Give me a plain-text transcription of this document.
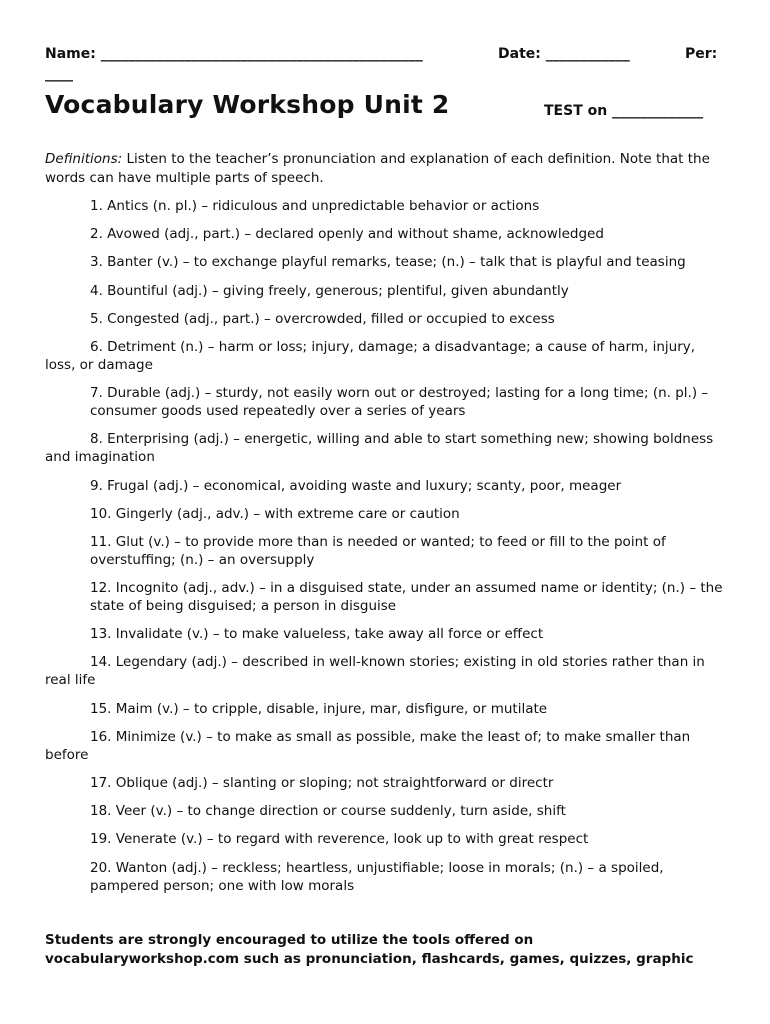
Name: ______________________________________________	Date: ____________	Per:
____
Vocabulary Workshop Unit 2	TEST on _____________

Definitions: Listen to the teacher’s pronunciation and explanation of each definition. Note that the words can have multiple parts of speech.

1. Antics (n. pl.) – ridiculous and unpredictable behavior or actions
2. Avowed (adj., part.) – declared openly and without shame, acknowledged
3. Banter (v.) – to exchange playful remarks, tease; (n.) – talk that is playful and teasing
4. Bountiful (adj.) – giving freely, generous; plentiful, given abundantly
5. Congested (adj., part.) – overcrowded, filled or occupied to excess
6. Detriment (n.) – harm or loss; injury, damage; a disadvantage; a cause of harm, injury, loss, or damage
7. Durable (adj.) – sturdy, not easily worn out or destroyed; lasting for a long time; (n. pl.) – consumer goods used repeatedly over a series of years
8. Enterprising (adj.) – energetic, willing and able to start something new; showing boldness and imagination
9. Frugal (adj.) – economical, avoiding waste and luxury; scanty, poor, meager
10. Gingerly (adj., adv.) – with extreme care or caution
11. Glut (v.) – to provide more than is needed or wanted; to feed or fill to the point of overstuffing; (n.) – an oversupply
12. Incognito (adj., adv.) – in a disguised state, under an assumed name or identity; (n.) – the state of being disguised; a person in disguise
13. Invalidate (v.) – to make valueless, take away all force or effect
14. Legendary (adj.) – described in well-known stories; existing in old stories rather than in real life
15. Maim (v.) – to cripple, disable, injure, mar, disfigure, or mutilate
16. Minimize (v.) – to make as small as possible, make the least of; to make smaller than before
17. Oblique (adj.) – slanting or sloping; not straightforward or directr
18. Veer (v.) – to change direction or course suddenly, turn aside, shift
19. Venerate (v.) – to regard with reverence, look up to with great respect
20. Wanton (adj.) – reckless; heartless, unjustifiable; loose in morals; (n.) – a spoiled, pampered person; one with low morals

Students are strongly encouraged to utilize the tools offered on vocabularyworkshop.com such as pronunciation, flashcards, games, quizzes, graphic
